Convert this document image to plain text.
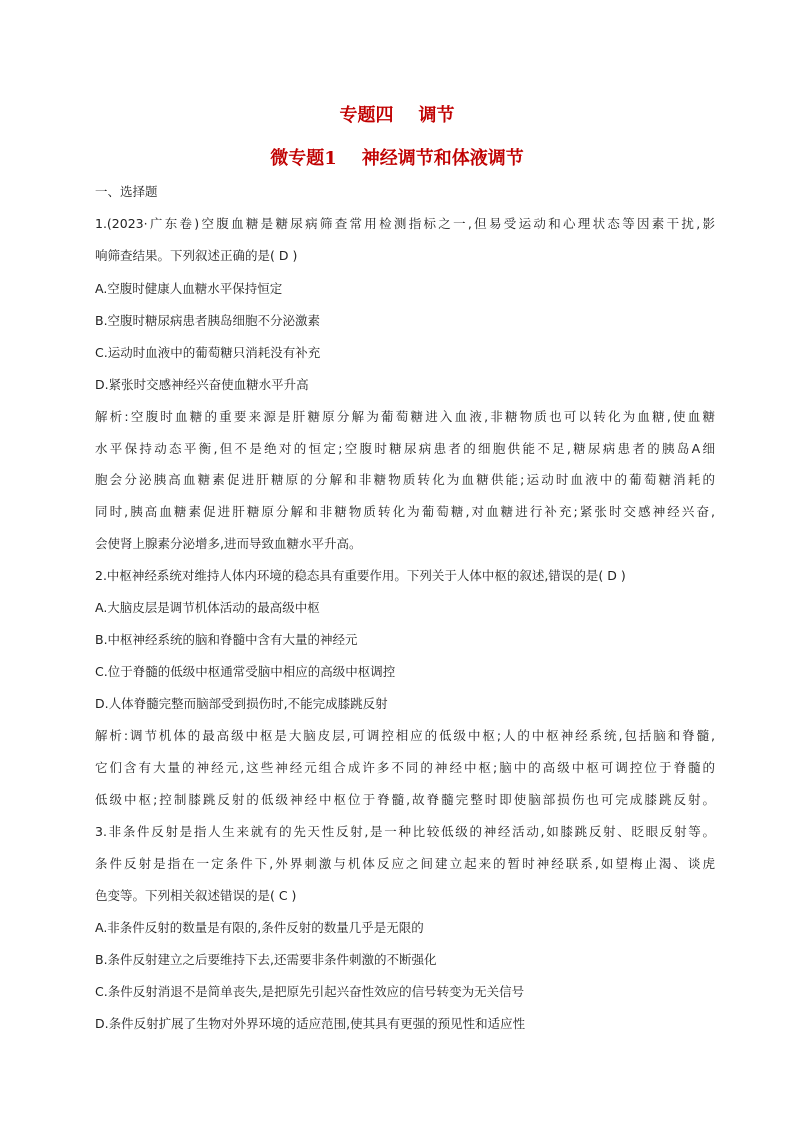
专题四    调节
微专题1    神经调节和体液调节
一、选择题
1.(2023·广东卷)空腹血糖是糖尿病筛查常用检测指标之一,但易受运动和心理状态等因素干扰,影
响筛查结果。下列叙述正确的是( D )
A.空腹时健康人血糖水平保持恒定
B.空腹时糖尿病患者胰岛细胞不分泌激素
C.运动时血液中的葡萄糖只消耗没有补充
D.紧张时交感神经兴奋使血糖水平升高
解析:空腹时血糖的重要来源是肝糖原分解为葡萄糖进入血液,非糖物质也可以转化为血糖,使血糖
水平保持动态平衡,但不是绝对的恒定;空腹时糖尿病患者的细胞供能不足,糖尿病患者的胰岛A细
胞会分泌胰高血糖素促进肝糖原的分解和非糖物质转化为血糖供能;运动时血液中的葡萄糖消耗的
同时,胰高血糖素促进肝糖原分解和非糖物质转化为葡萄糖,对血糖进行补充;紧张时交感神经兴奋,
会使肾上腺素分泌增多,进而导致血糖水平升高。
2.中枢神经系统对维持人体内环境的稳态具有重要作用。下列关于人体中枢的叙述,错误的是( D )
A.大脑皮层是调节机体活动的最高级中枢
B.中枢神经系统的脑和脊髓中含有大量的神经元
C.位于脊髓的低级中枢通常受脑中相应的高级中枢调控
D.人体脊髓完整而脑部受到损伤时,不能完成膝跳反射
解析:调节机体的最高级中枢是大脑皮层,可调控相应的低级中枢;人的中枢神经系统,包括脑和脊髓,
它们含有大量的神经元,这些神经元组合成许多不同的神经中枢;脑中的高级中枢可调控位于脊髓的
低级中枢;控制膝跳反射的低级神经中枢位于脊髓,故脊髓完整时即使脑部损伤也可完成膝跳反射。
3.非条件反射是指人生来就有的先天性反射,是一种比较低级的神经活动,如膝跳反射、眨眼反射等。
条件反射是指在一定条件下,外界刺激与机体反应之间建立起来的暂时神经联系,如望梅止渴、谈虎
色变等。下列相关叙述错误的是( C )
A.非条件反射的数量是有限的,条件反射的数量几乎是无限的
B.条件反射建立之后要维持下去,还需要非条件刺激的不断强化
C.条件反射消退不是简单丧失,是把原先引起兴奋性效应的信号转变为无关信号
D.条件反射扩展了生物对外界环境的适应范围,使其具有更强的预见性和适应性
